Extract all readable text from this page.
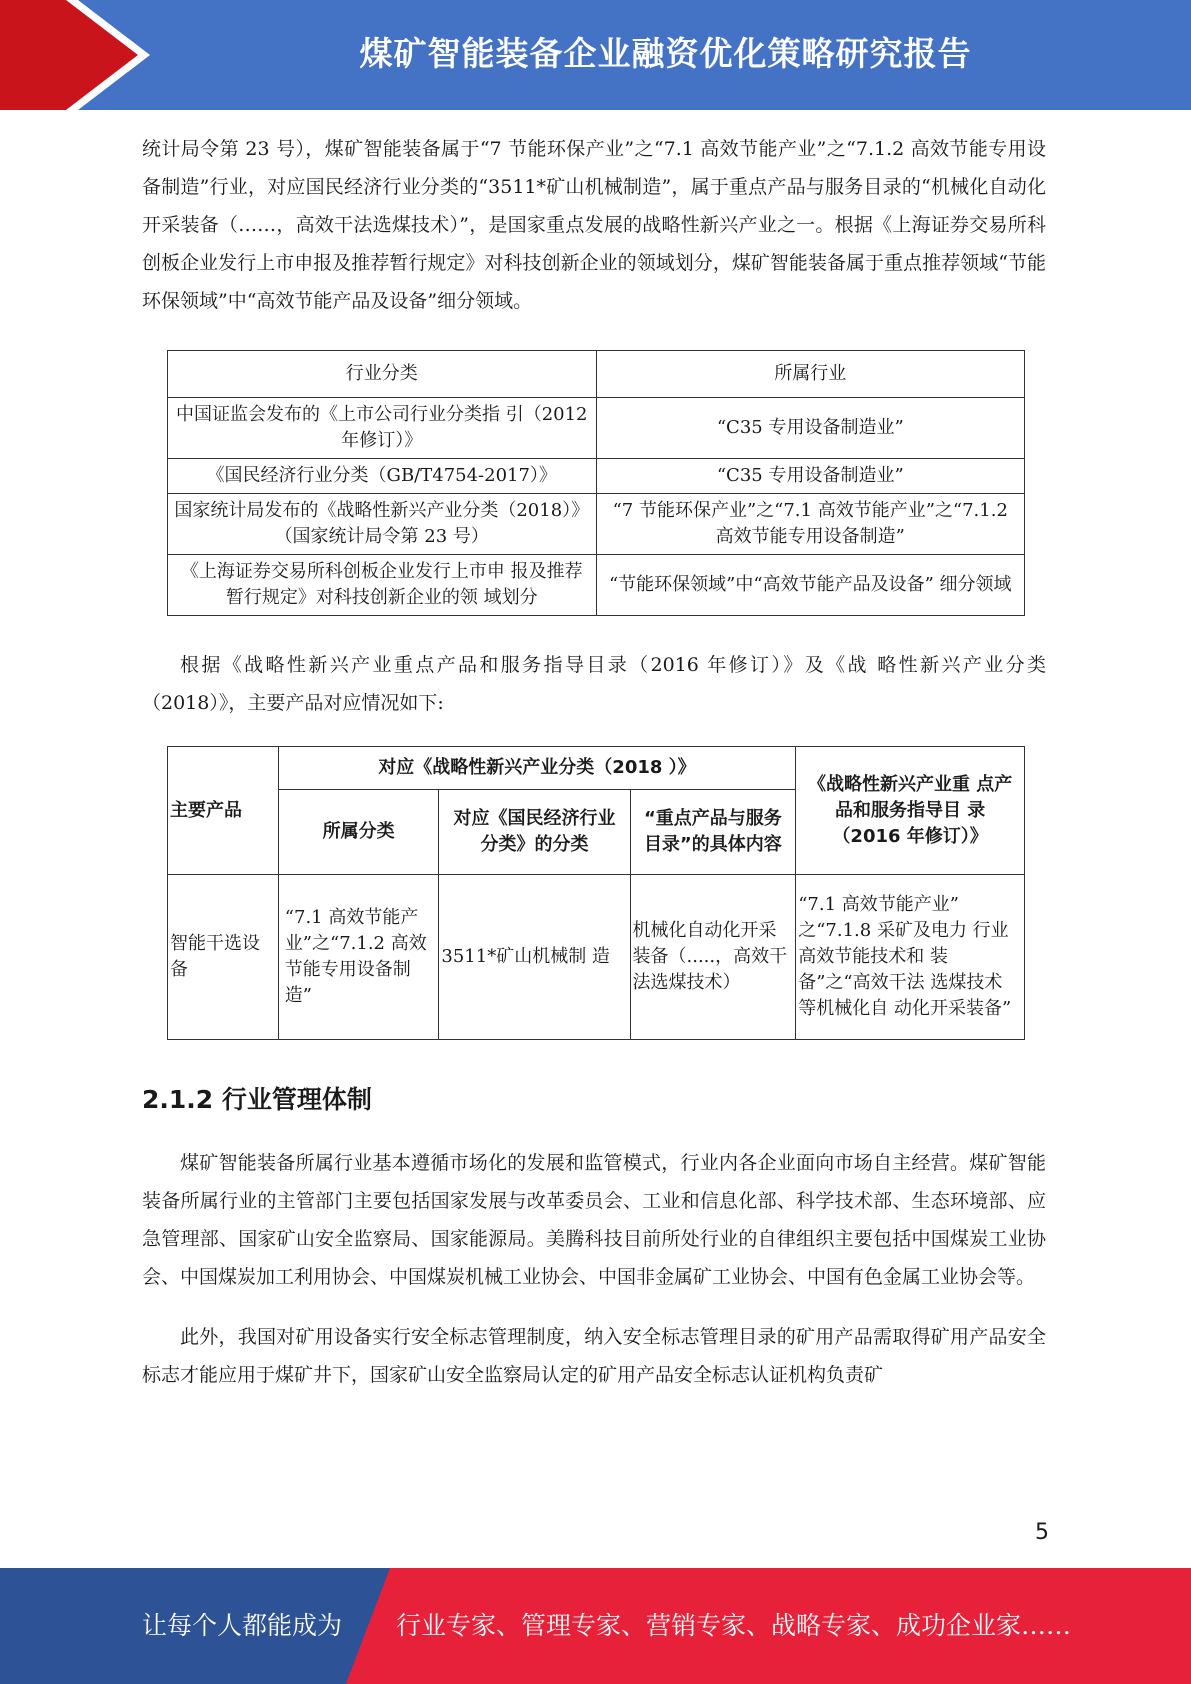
煤矿智能装备企业融资优化策略研究报告

统计局令第 23 号），煤矿智能装备属于“7 节能环保产业”之“7.1 高效节能产业”之“7.1.2 高效节能专用设备制造”行业，对应国民经济行业分类的“3511*矿山机械制造”，属于重点产品与服务目录的“机械化自动化开采装备（……，高效干法选煤技术）”，是国家重点发展的战略性新兴产业之一。根据《上海证券交易所科创板企业发行上市申报及推荐暂行规定》对科技创新企业的领域划分，煤矿智能装备属于重点推荐领域“节能环保领域”中“高效节能产品及设备”细分领域。

行业分类	所属行业
中国证监会发布的《上市公司行业分类指 引（2012 年修订）》	“C35 专用设备制造业”
《国民经济行业分类（GB/T4754-2017）》	“C35 专用设备制造业”
国家统计局发布的《战略性新兴产业分类（2018）》（国家统计局令第 23 号）	“7 节能环保产业”之“7.1 高效节能产业”之“7.1.2 高效节能专用设备制造”
《上海证券交易所科创板企业发行上市申 报及推荐暂行规定》对科技创新企业的领 域划分	“节能环保领域”中“高效节能产品及设备” 细分领域

根据《战略性新兴产业重点产品和服务指导目录（2016 年修订）》及《战 略性新兴产业分类（2018）》，主要产品对应情况如下:

主要产品	对应《战略性新兴产业分类（2018 ）》			《战略性新兴产业重 点产品和服务指导目 录（2016 年修订）》
	所属分类	对应《国民经济行业分类》的分类	“重点产品与服务目录”的具体内容	
智能干选设备	“7.1 高效节能产业”之“7.1.2 高效节能专用设备制造”	3511*矿山机械制 造	机械化自动化开采装备（.....，高效干法选煤技术）	“7.1 高效节能产业” 之“7.1.8 采矿及电力 行业高效节能技术和 装备”之“高效干法 选煤技术等机械化自 动化开采装备”
2.1.2 行业管理体制

煤矿智能装备所属行业基本遵循市场化的发展和监管模式，行业内各企业面向市场自主经营。煤矿智能装备所属行业的主管部门主要包括国家发展与改革委员会、工业和信息化部、科学技术部、生态环境部、应急管理部、国家矿山安全监察局、国家能源局。美腾科技目前所处行业的自律组织主要包括中国煤炭工业协会、中国煤炭加工利用协会、中国煤炭机械工业协会、中国非金属矿工业协会、中国有色金属工业协会等。

此外，我国对矿用设备实行安全标志管理制度，纳入安全标志管理目录的矿用产品需取得矿用产品安全标志才能应用于煤矿井下，国家矿山安全监察局认定的矿用产品安全标志认证机构负责矿

5
让每个人都能成为 行业专家、管理专家、营销专家、战略专家、成功企业家……
